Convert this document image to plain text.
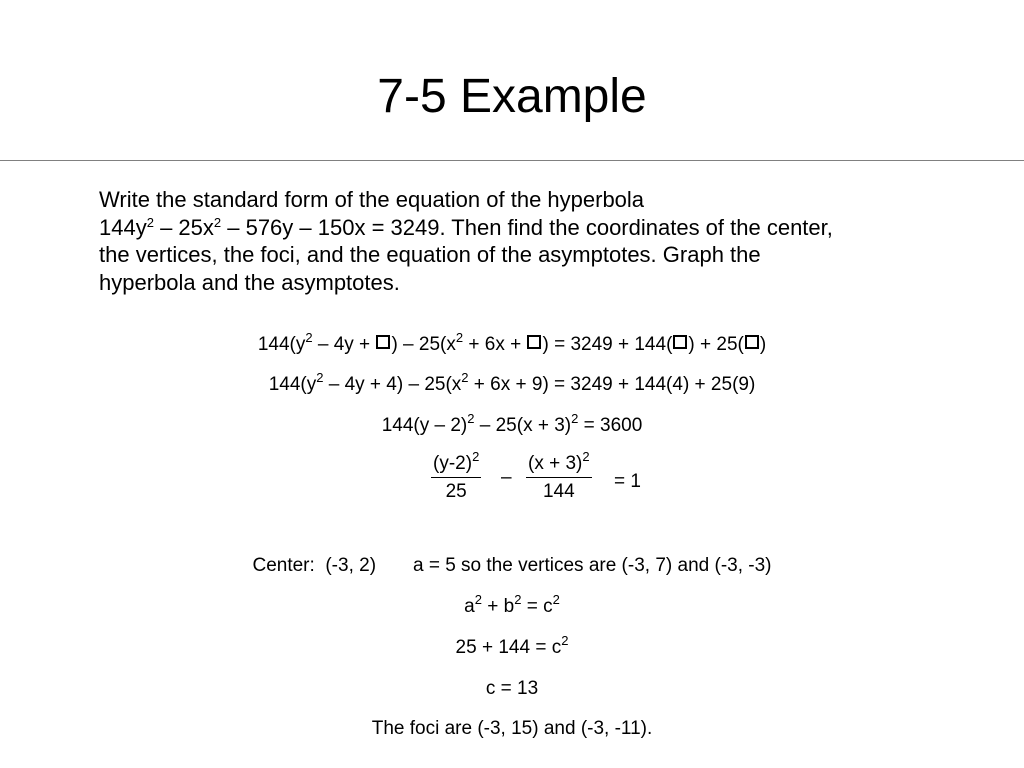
7-5 Example
Write the standard form of the equation of the hyperbola
$144y^2 - 25x^2 - 576y - 150x = 3249$. Then find the coordinates of the center,
the vertices, the foci, and the equation of the asymptotes. Graph the
hyperbola and the asymptotes.
$144(y^2 - 4y$ + ) – $25(x^2 + 6x$ + ) = 3249 + 144( ) + 25( )
$144(y^2 - 4y + 4) - 25(x^2 + 6x + 9) = 3249 + 144(4) + 25(9)$
$144(y - 2)^2 - 25(x + 3)^2 = 3600$
$\frac{(y-2)^2}{25} \frac{(x + 3)^2}{144}$
–	= 1
Center:  (-3, 2)       a = 5 so the vertices are (-3, 7) and (-3, -3)
$a^2 + b^2 = c^2$
$25 + 144 = c^2$
c = 13
The foci are (-3, 15) and (-3, -11).
